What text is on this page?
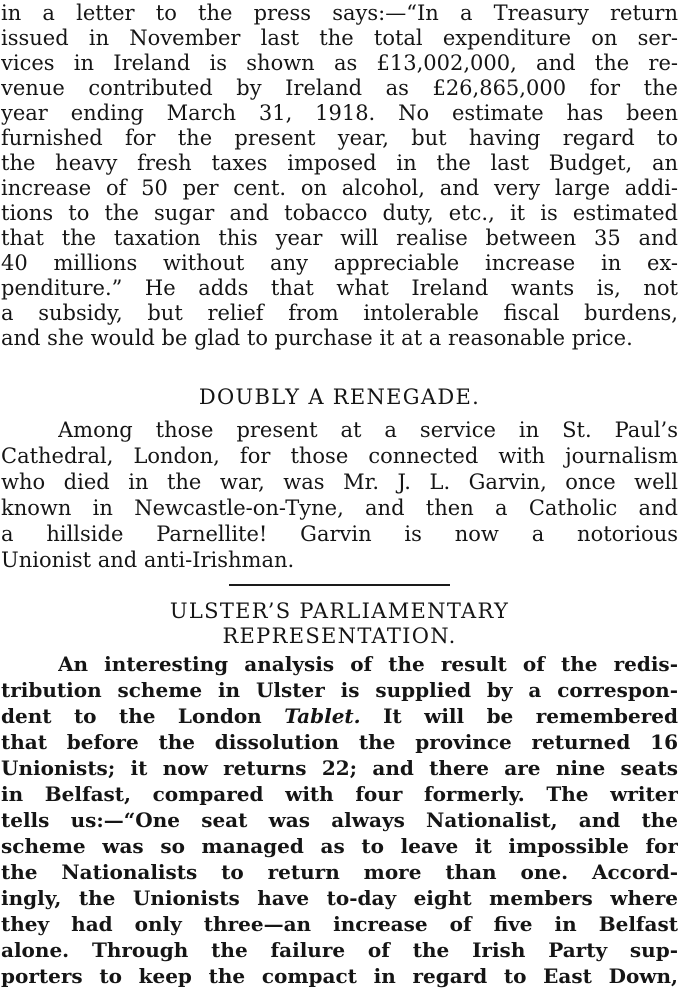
in a letter to the press says:—“In a Treasury return
issued in November last the total expenditure on ser-
vices in Ireland is shown as £13,002,000, and the re-
venue contributed by Ireland as £26,865,000 for the
year ending March 31, 1918. No estimate has been
furnished for the present year, but having regard to
the heavy fresh taxes imposed in the last Budget, an
increase of 50 per cent. on alcohol, and very large addi-
tions to the sugar and tobacco duty, etc., it is estimated
that the taxation this year will realise between 35 and
40 millions without any appreciable increase in ex-
penditure.” He adds that what Ireland wants is, not
a subsidy, but relief from intolerable fiscal burdens,
and she would be glad to purchase it at a reasonable price.
DOUBLY A RENEGADE.
Among those present at a service in St. Paul’s
Cathedral, London, for those connected with journalism
who died in the war, was Mr. J. L. Garvin, once well
known in Newcastle-on-Tyne, and then a Catholic and
a hillside Parnellite! Garvin is now a notorious
Unionist and anti-Irishman.
ULSTER’S PARLIAMENTARY
REPRESENTATION.
An interesting analysis of the result of the redis-
tribution scheme in Ulster is supplied by a correspon-
dent to the London Tablet. It will be remembered
that before the dissolution the province returned 16
Unionists; it now returns 22; and there are nine seats
in Belfast, compared with four formerly. The writer
tells us:—“One seat was always Nationalist, and the
scheme was so managed as to leave it impossible for
the Nationalists to return more than one. Accord-
ingly, the Unionists have to-day eight members where
they had only three—an increase of five in Belfast
alone. Through the failure of the Irish Party sup-
porters to keep the compact in regard to East Down,
